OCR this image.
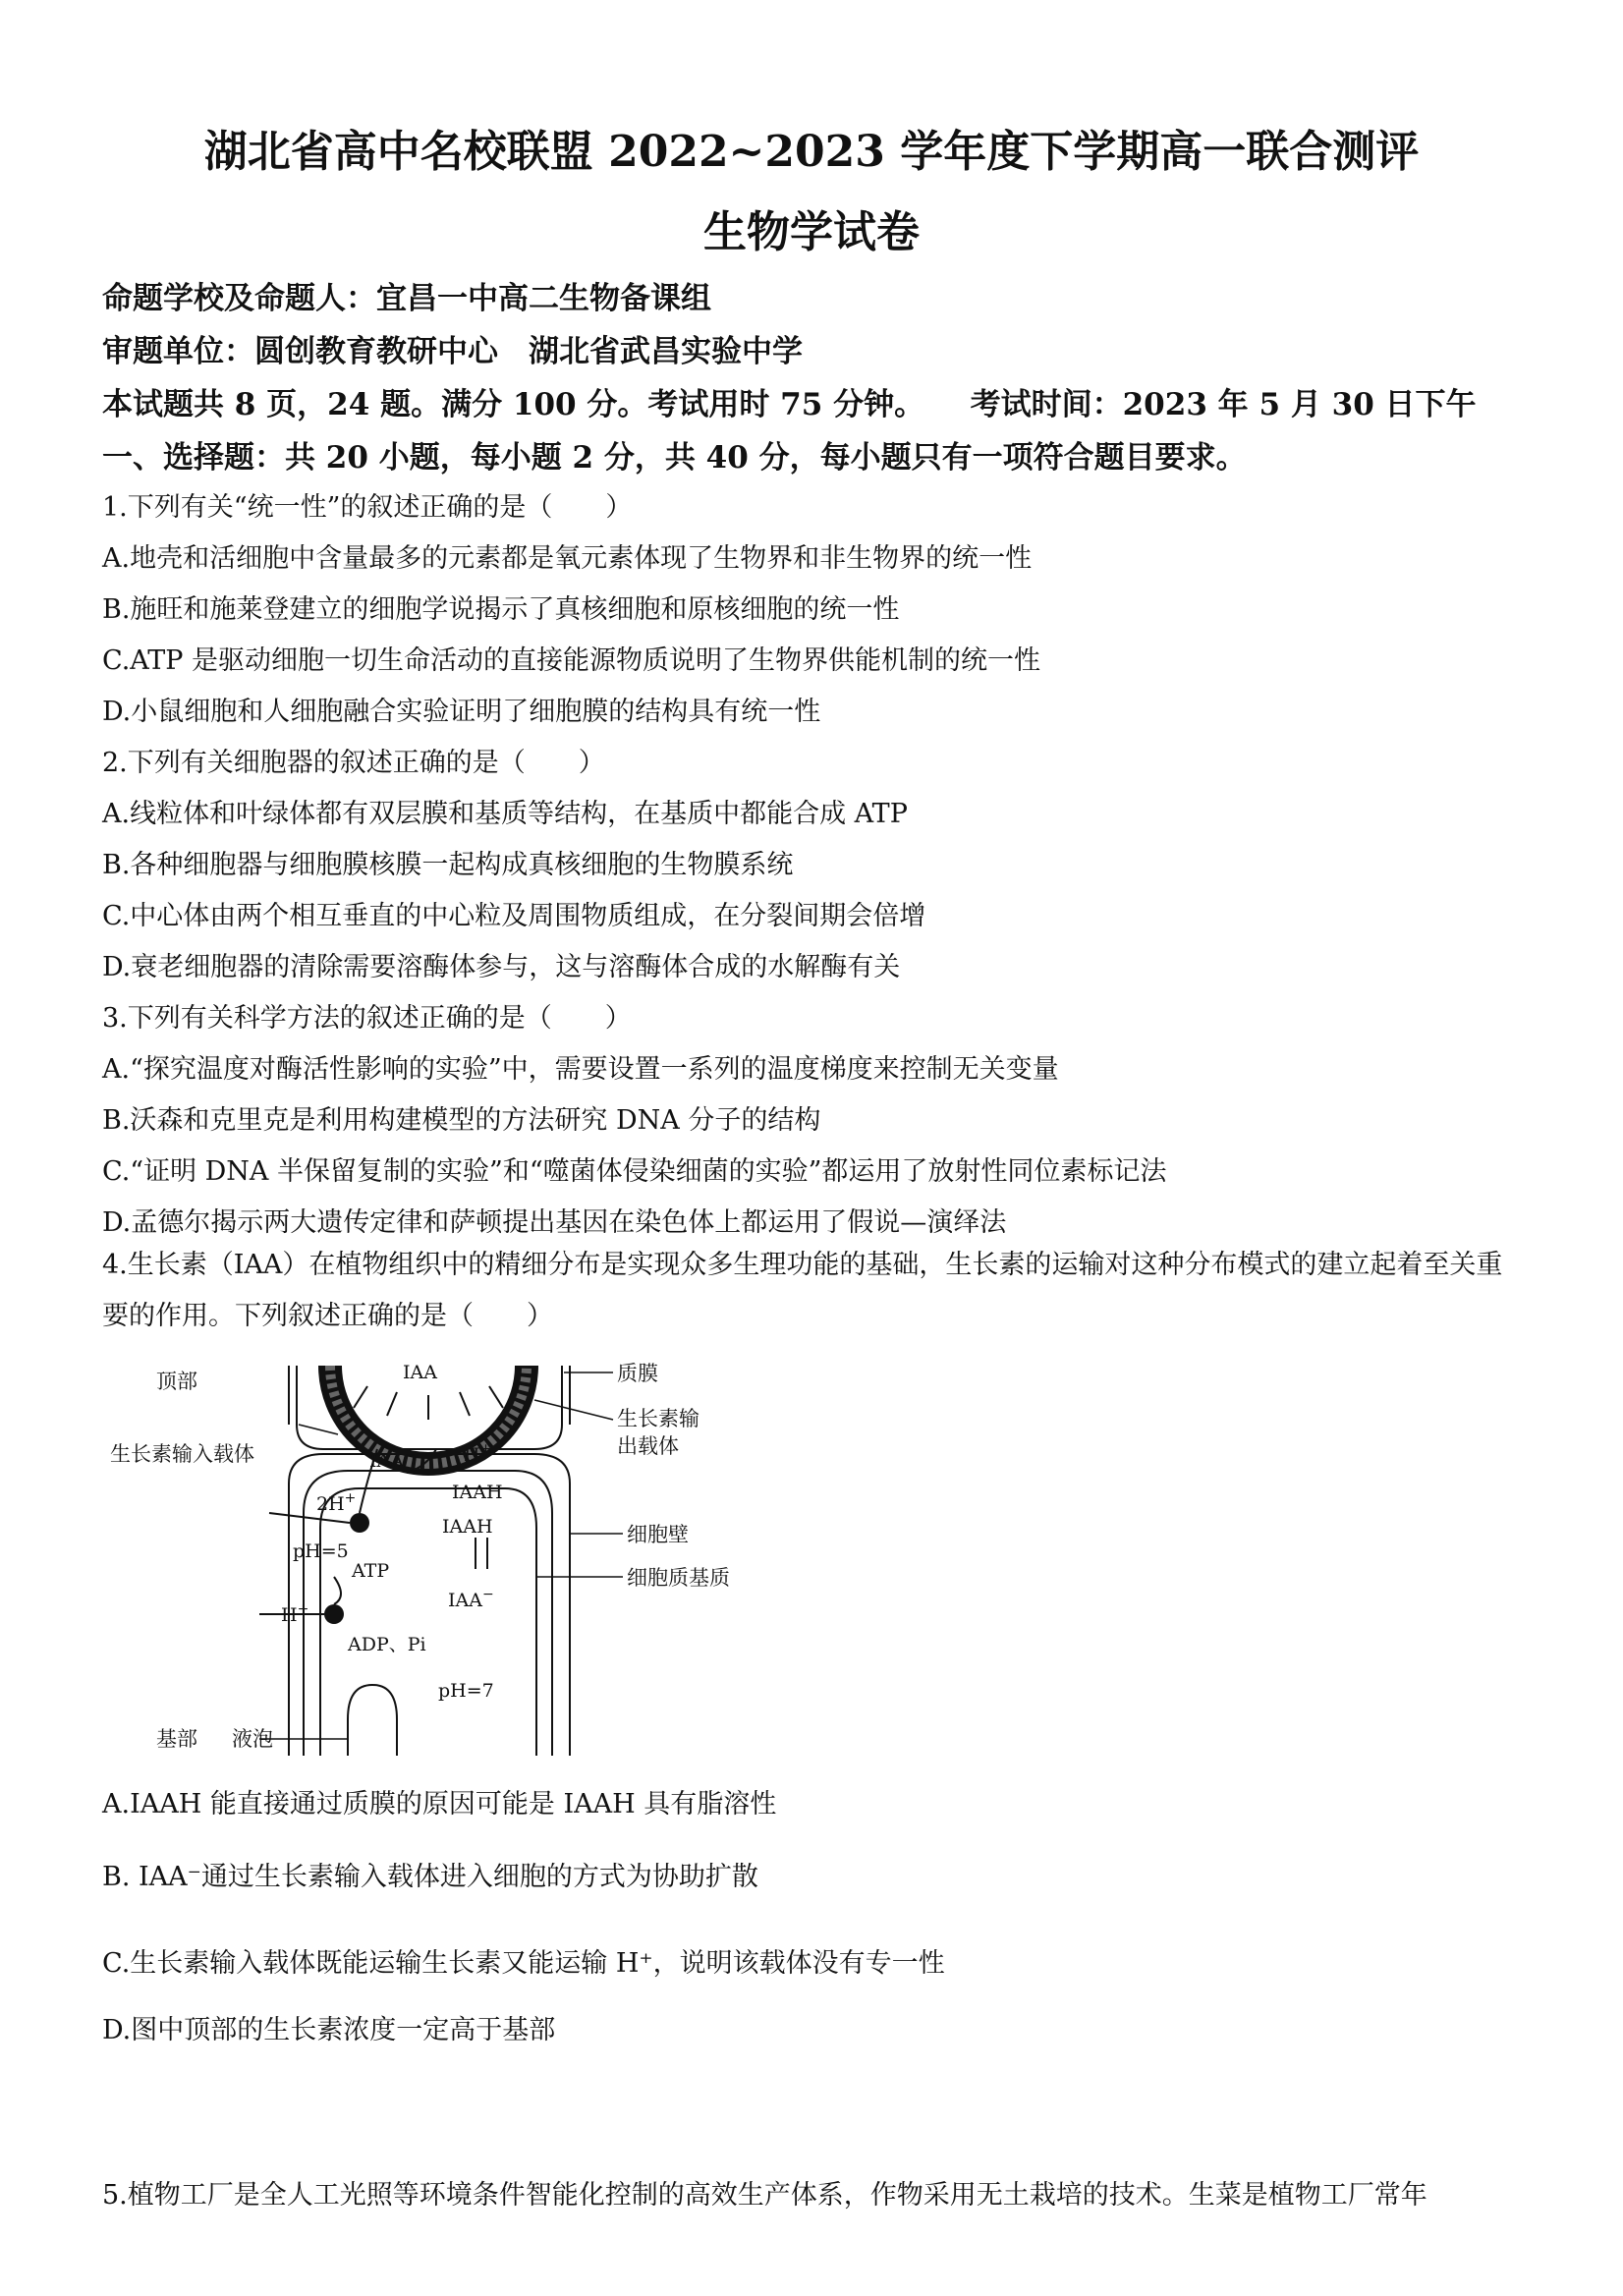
湖北省高中名校联盟 2022~2023 学年度下学期高一联合测评
生物学试卷
命题学校及命题人：宜昌一中高二生物备课组
审题单位：圆创教育教研中心　湖北省武昌实验中学
本试题共 8 页，24 题。满分 100 分。考试用时 75 分钟。　　考试时间：2023 年 5 月 30 日下午
一、选择题：共 20 小题，每小题 2 分，共 40 分，每小题只有一项符合题目要求。
1.下列有关“统一性”的叙述正确的是（　　）
A.地壳和活细胞中含量最多的元素都是氧元素体现了生物界和非生物界的统一性
B.施旺和施莱登建立的细胞学说揭示了真核细胞和原核细胞的统一性
C.ATP 是驱动细胞一切生命活动的直接能源物质说明了生物界供能机制的统一性
D.小鼠细胞和人细胞融合实验证明了细胞膜的结构具有统一性
2.下列有关细胞器的叙述正确的是（　　）
A.线粒体和叶绿体都有双层膜和基质等结构，在基质中都能合成 ATP
B.各种细胞器与细胞膜核膜一起构成真核细胞的生物膜系统
C.中心体由两个相互垂直的中心粒及周围物质组成，在分裂间期会倍增
D.衰老细胞器的清除需要溶酶体参与，这与溶酶体合成的水解酶有关
3.下列有关科学方法的叙述正确的是（　　）
A.“探究温度对酶活性影响的实验”中，需要设置一系列的温度梯度来控制无关变量
B.沃森和克里克是利用构建模型的方法研究 DNA 分子的结构
C.“证明 DNA 半保留复制的实验”和“噬菌体侵染细菌的实验”都运用了放射性同位素标记法
D.孟德尔揭示两大遗传定律和萨顿提出基因在染色体上都运用了假说—演绎法
4.生长素（IAA）在植物组织中的精细分布是实现众多生理功能的基础，生长素的运输对这种分布模式的建立起着至关重要的作用。下列叙述正确的是（　　）
顶部
生长素输入载体
基部 液泡
质膜
生长素输
出载体
细胞壁
细胞质基质
IAA
IAA−	H+
IAAH
IAAH
IAA−
2H+
pH=5
ATP
H+
ADP、Pi
pH=7
A.IAAH 能直接通过质膜的原因可能是 IAAH 具有脂溶性
B. IAA⁻通过生长素输入载体进入细胞的方式为协助扩散
C.生长素输入载体既能运输生长素又能运输 H⁺，说明该载体没有专一性
D.图中顶部的生长素浓度一定高于基部
5.植物工厂是全人工光照等环境条件智能化控制的高效生产体系，作物采用无土栽培的技术。生菜是植物工厂常年
